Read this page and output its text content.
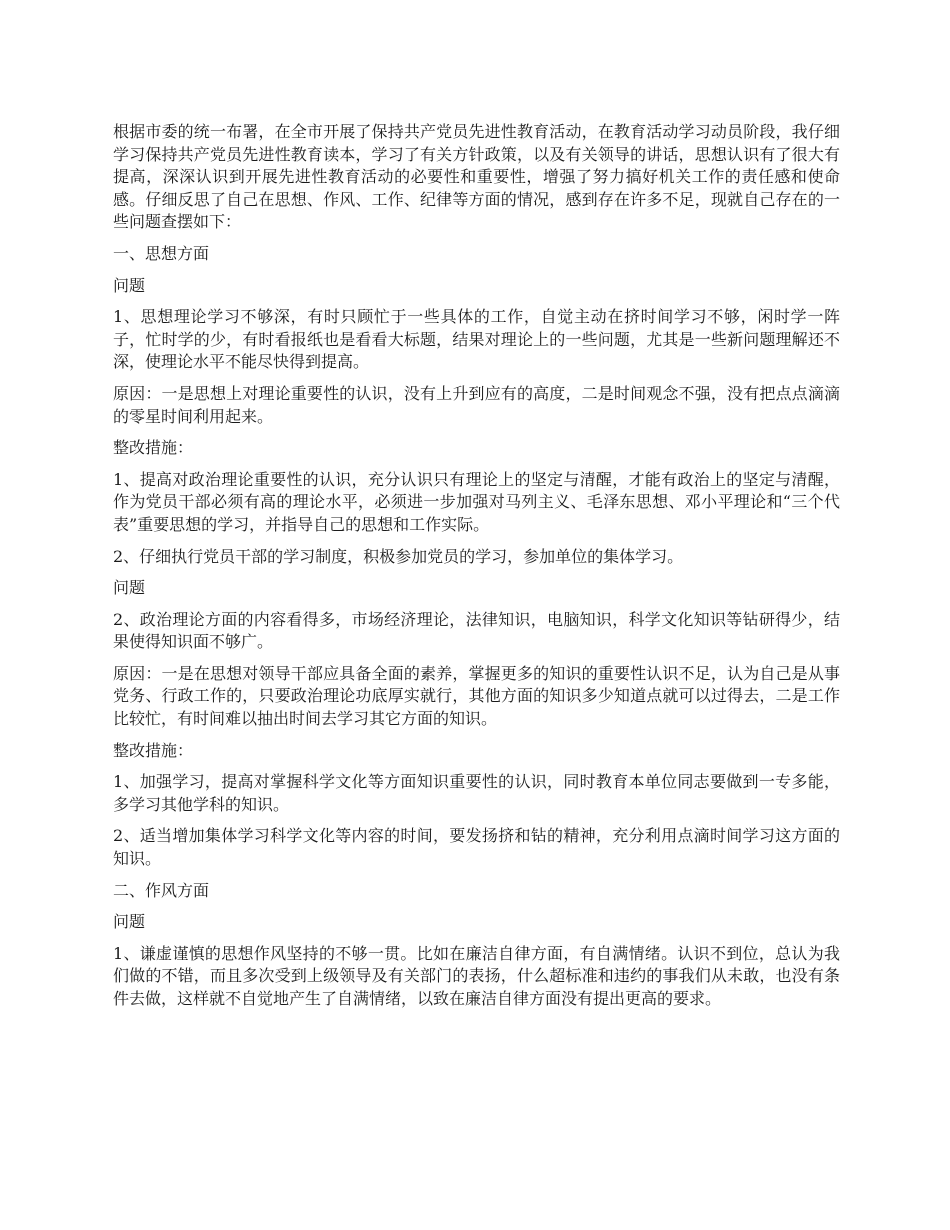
根据市委的统一布署，在全市开展了保持共产党员先进性教育活动，在教育活动学习动员阶段，我仔细学习保持共产党员先进性教育读本，学习了有关方针政策，以及有关领导的讲话，思想认识有了很大有提高，深深认识到开展先进性教育活动的必要性和重要性，增强了努力搞好机关工作的责任感和使命感。仔细反思了自己在思想、作风、工作、纪律等方面的情况，感到存在许多不足，现就自己存在的一些问题查摆如下：

一、思想方面

问题

1、思想理论学习不够深，有时只顾忙于一些具体的工作，自觉主动在挤时间学习不够，闲时学一阵子，忙时学的少，有时看报纸也是看看大标题，结果对理论上的一些问题，尤其是一些新问题理解还不深，使理论水平不能尽快得到提高。

原因：一是思想上对理论重要性的认识，没有上升到应有的高度，二是时间观念不强，没有把点点滴滴的零星时间利用起来。

整改措施：

1、提高对政治理论重要性的认识，充分认识只有理论上的坚定与清醒，才能有政治上的坚定与清醒，作为党员干部必须有高的理论水平，必须进一步加强对马列主义、毛泽东思想、邓小平理论和“三个代表”重要思想的学习，并指导自己的思想和工作实际。

2、仔细执行党员干部的学习制度，积极参加党员的学习，参加单位的集体学习。

问题

2、政治理论方面的内容看得多，市场经济理论，法律知识，电脑知识，科学文化知识等钻研得少，结果使得知识面不够广。

原因：一是在思想对领导干部应具备全面的素养，掌握更多的知识的重要性认识不足，认为自己是从事党务、行政工作的，只要政治理论功底厚实就行，其他方面的知识多少知道点就可以过得去，二是工作比较忙，有时间难以抽出时间去学习其它方面的知识。

整改措施：

1、加强学习，提高对掌握科学文化等方面知识重要性的认识，同时教育本单位同志要做到一专多能，多学习其他学科的知识。

2、适当增加集体学习科学文化等内容的时间，要发扬挤和钻的精神，充分利用点滴时间学习这方面的知识。

二、作风方面

问题

1、谦虚谨慎的思想作风坚持的不够一贯。比如在廉洁自律方面，有自满情绪。认识不到位，总认为我们做的不错，而且多次受到上级领导及有关部门的表扬，什么超标准和违约的事我们从未敢，也没有条件去做，这样就不自觉地产生了自满情绪，以致在廉洁自律方面没有提出更高的要求。
